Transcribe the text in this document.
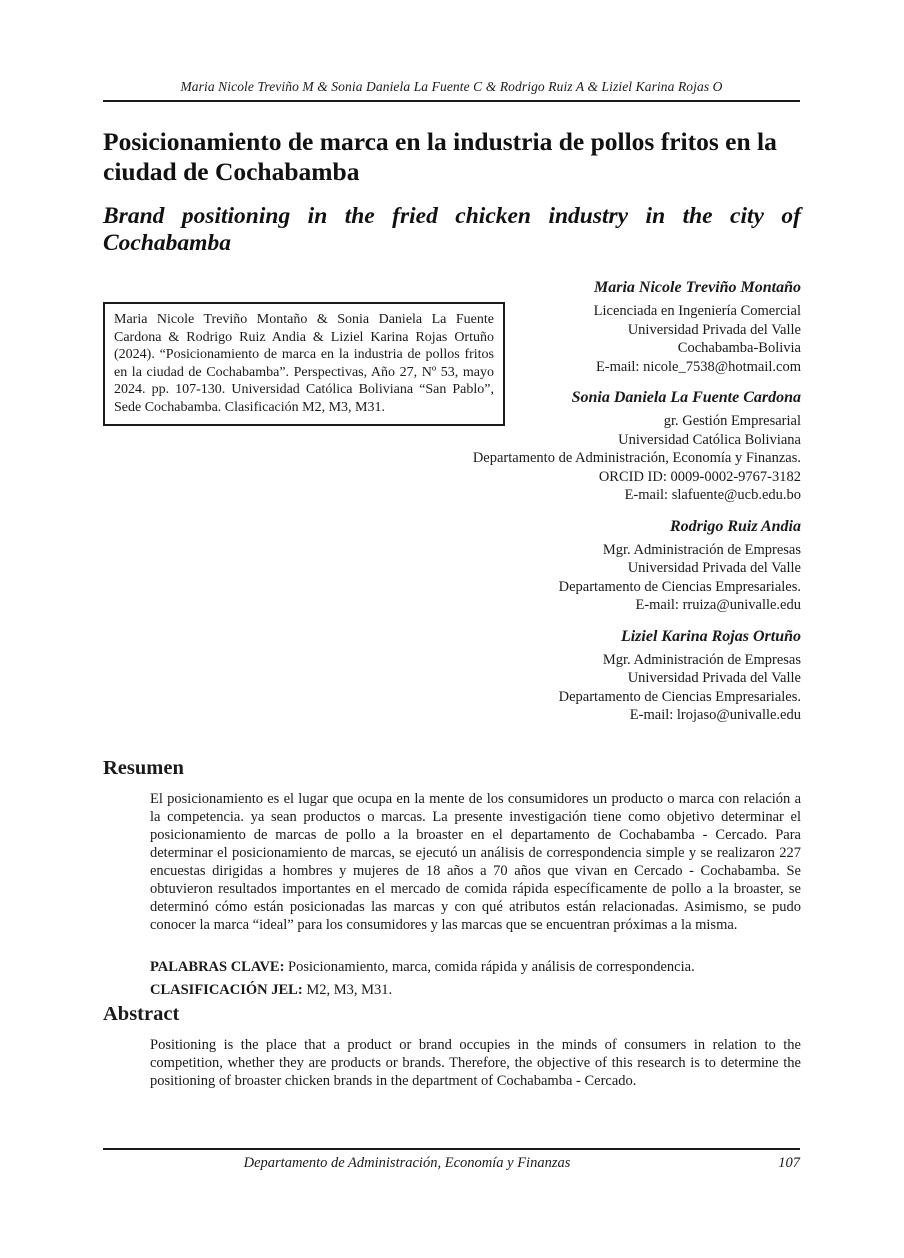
Maria Nicole Treviño M & Sonia Daniela La Fuente C & Rodrigo Ruiz A & Liziel Karina Rojas O
Posicionamiento de marca en la industria de pollos fritos en la ciudad de Cochabamba
Brand positioning in the fried chicken industry in the city of Cochabamba
Maria Nicole Treviño Montaño & Sonia Daniela La Fuente Cardona & Rodrigo Ruiz Andia & Liziel Karina Rojas Ortuño (2024). “Posicionamiento de marca en la industria de pollos fritos en la ciudad de Cochabamba”. Perspectivas, Año 27, Nº 53, mayo 2024. pp. 107-130. Universidad Católica Boliviana “San Pablo”, Sede Cochabamba. Clasificación M2, M3, M31.
Maria Nicole Treviño Montaño
Licenciada en Ingeniería Comercial
Universidad Privada del Valle
Cochabamba-Bolivia
E-mail: nicole_7538@hotmail.com
Sonia Daniela La Fuente Cardona
gr. Gestión Empresarial
Universidad Católica Boliviana
Departamento de Administración, Economía y Finanzas.
ORCID ID: 0009-0002-9767-3182
E-mail: slafuente@ucb.edu.bo
Rodrigo Ruiz Andia
Mgr. Administración de Empresas
Universidad Privada del Valle
Departamento de Ciencias Empresariales.
E-mail: rruiza@univalle.edu
Liziel Karina Rojas Ortuño
Mgr. Administración de Empresas
Universidad Privada del Valle
Departamento de Ciencias Empresariales.
E-mail: lrojaso@univalle.edu
Resumen
El posicionamiento es el lugar que ocupa en la mente de los consumidores un producto o marca con relación a la competencia. ya sean productos o marcas. La presente investigación tiene como objetivo determinar el posicionamiento de marcas de pollo a la broaster en el departamento de Cochabamba - Cercado. Para determinar el posicionamiento de marcas, se ejecutó un análisis de correspondencia simple y se realizaron 227 encuestas dirigidas a hombres y mujeres de 18 años a 70 años que vivan en Cercado - Cochabamba. Se obtuvieron resultados importantes en el mercado de comida rápida específicamente de pollo a la broaster, se determinó cómo están posicionadas las marcas y con qué atributos están relacionadas. Asimismo, se pudo conocer la marca “ideal” para los consumidores y las marcas que se encuentran próximas a la misma.
PALABRAS CLAVE: Posicionamiento, marca, comida rápida y análisis de correspondencia.
CLASIFICACIÓN JEL: M2, M3, M31.
Abstract
Positioning is the place that a product or brand occupies in the minds of consumers in relation to the competition, whether they are products or brands. Therefore, the objective of this research is to determine the positioning of broaster chicken brands in the department of Cochabamba - Cercado.
Departamento de Administración, Economía y Finanzas	107
